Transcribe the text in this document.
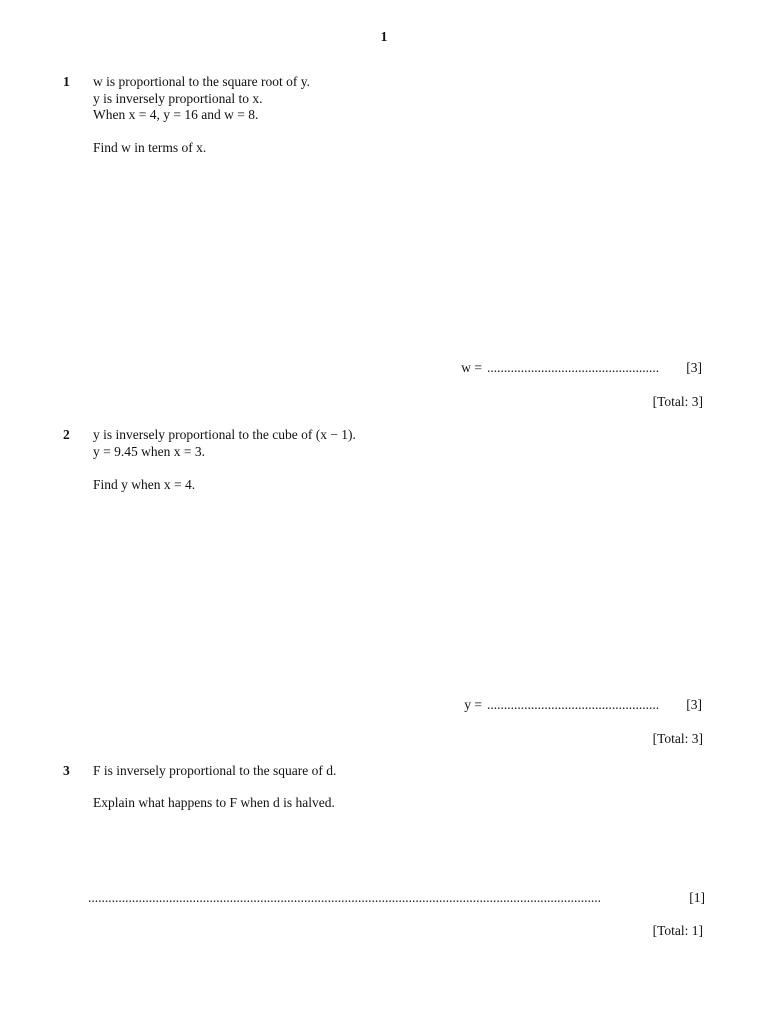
1
1 w is proportional to the square root of y.
y is inversely proportional to x.
When x = 4, y = 16 and w = 8.
Find w in terms of x.
w = ...................................................	[3]
[Total: 3]
2 y is inversely proportional to the cube of (x − 1).
y = 9.45 when x = 3.
Find y when x = 4.
y = ...................................................	[3]
[Total: 3]
3 F is inversely proportional to the square of d.
Explain what happens to F when d is halved.
........................................................................................................................................................	[1]
[Total: 1]
